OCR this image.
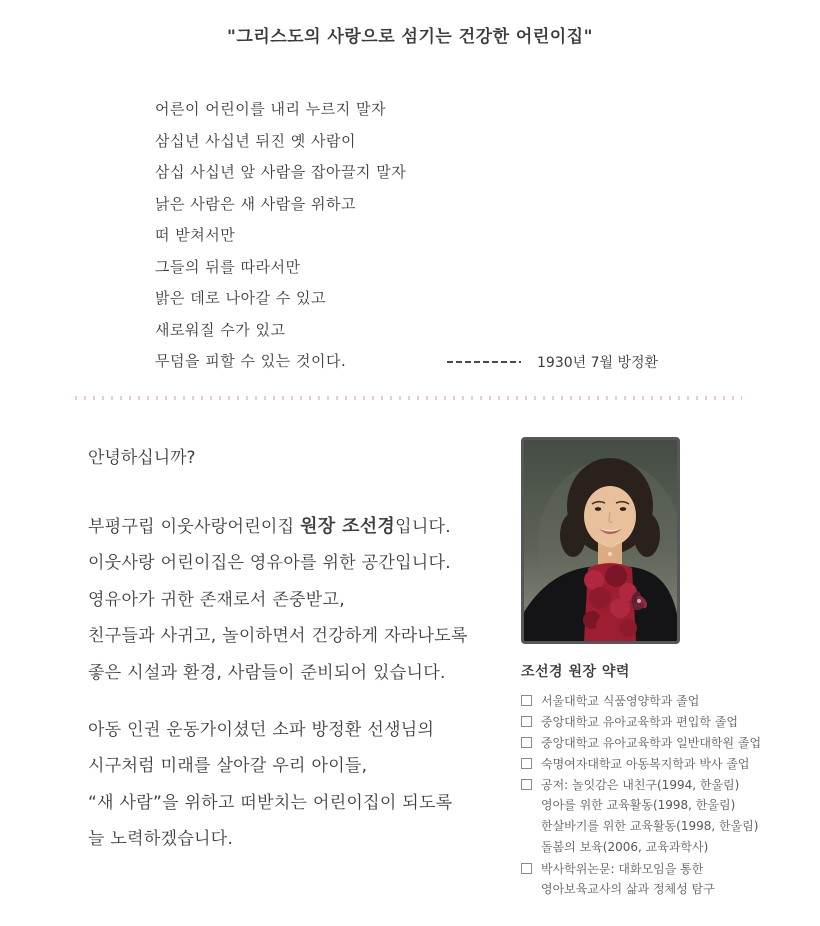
"그리스도의 사랑으로 섬기는 건강한 어린이집"
어른이 어린이를 내리 누르지 말자
삼십년 사십년 뒤진 옛 사람이
삼십 사십년 앞 사람을 잡아끌지 말자
낡은 사람은 새 사람을 위하고
떠 받쳐서만
그들의 뒤를 따라서만
밝은 데로 나아갈 수 있고
새로워질 수가 있고
무덤을 피할 수 있는 것이다.	1930년 7월 방정환
안녕하십니까?
부평구립 이웃사랑어린이집 원장 조선경입니다.
이웃사랑 어린이집은 영유아를 위한 공간입니다.
영유아가 귀한 존재로서 존중받고,
친구들과 사귀고, 놀이하면서 건강하게 자라나도록
좋은 시설과 환경, 사람들이 준비되어 있습니다.
아동 인권 운동가이셨던 소파 방정환 선생님의
시구처럼 미래를 살아갈 우리 아이들,
“새 사람”을 위하고 떠받치는 어린이집이 되도록
늘 노력하겠습니다.
조선경 원장 약력
서울대학교 식품영양학과 졸업
중앙대학교 유아교육학과 편입학 졸업
중앙대학교 유아교육학과 일반대학원 졸업
숙명여자대학교 아동복지학과 박사 졸업
공저: 놀잇감은 내친구(1994, 한울림)
영아를 위한 교육활동(1998, 한울림)
한살바기를 위한 교육활동(1998, 한울림)
돌봄의 보육(2006, 교육과학사)
박사학위논문: 대화모임을 통한
영아보육교사의 삶과 정체성 탐구
